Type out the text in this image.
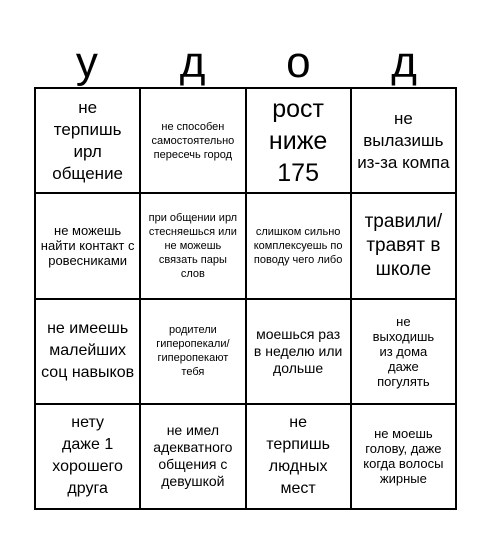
у	д	о	д
не терпишь ирл общение
не способен самостоятельно пересечь город
рост ниже 175
не вылазишь из-за компа
не можешь найти контакт с ровесниками
при общении ирл стесняешься или не можешь связать пары слов
слишком сильно комплексуешь по поводу чего либо
травили/ травят в школе
не имеешь малейших соц навыков
родители гиперопекали/ гиперопекают тебя
моешься раз в неделю или дольше
не выходишь из дома даже погулять
нету даже 1 хорошего друга
не имел адекватного общения с девушкой
не терпишь людных мест
не моешь голову, даже когда волосы жирные
